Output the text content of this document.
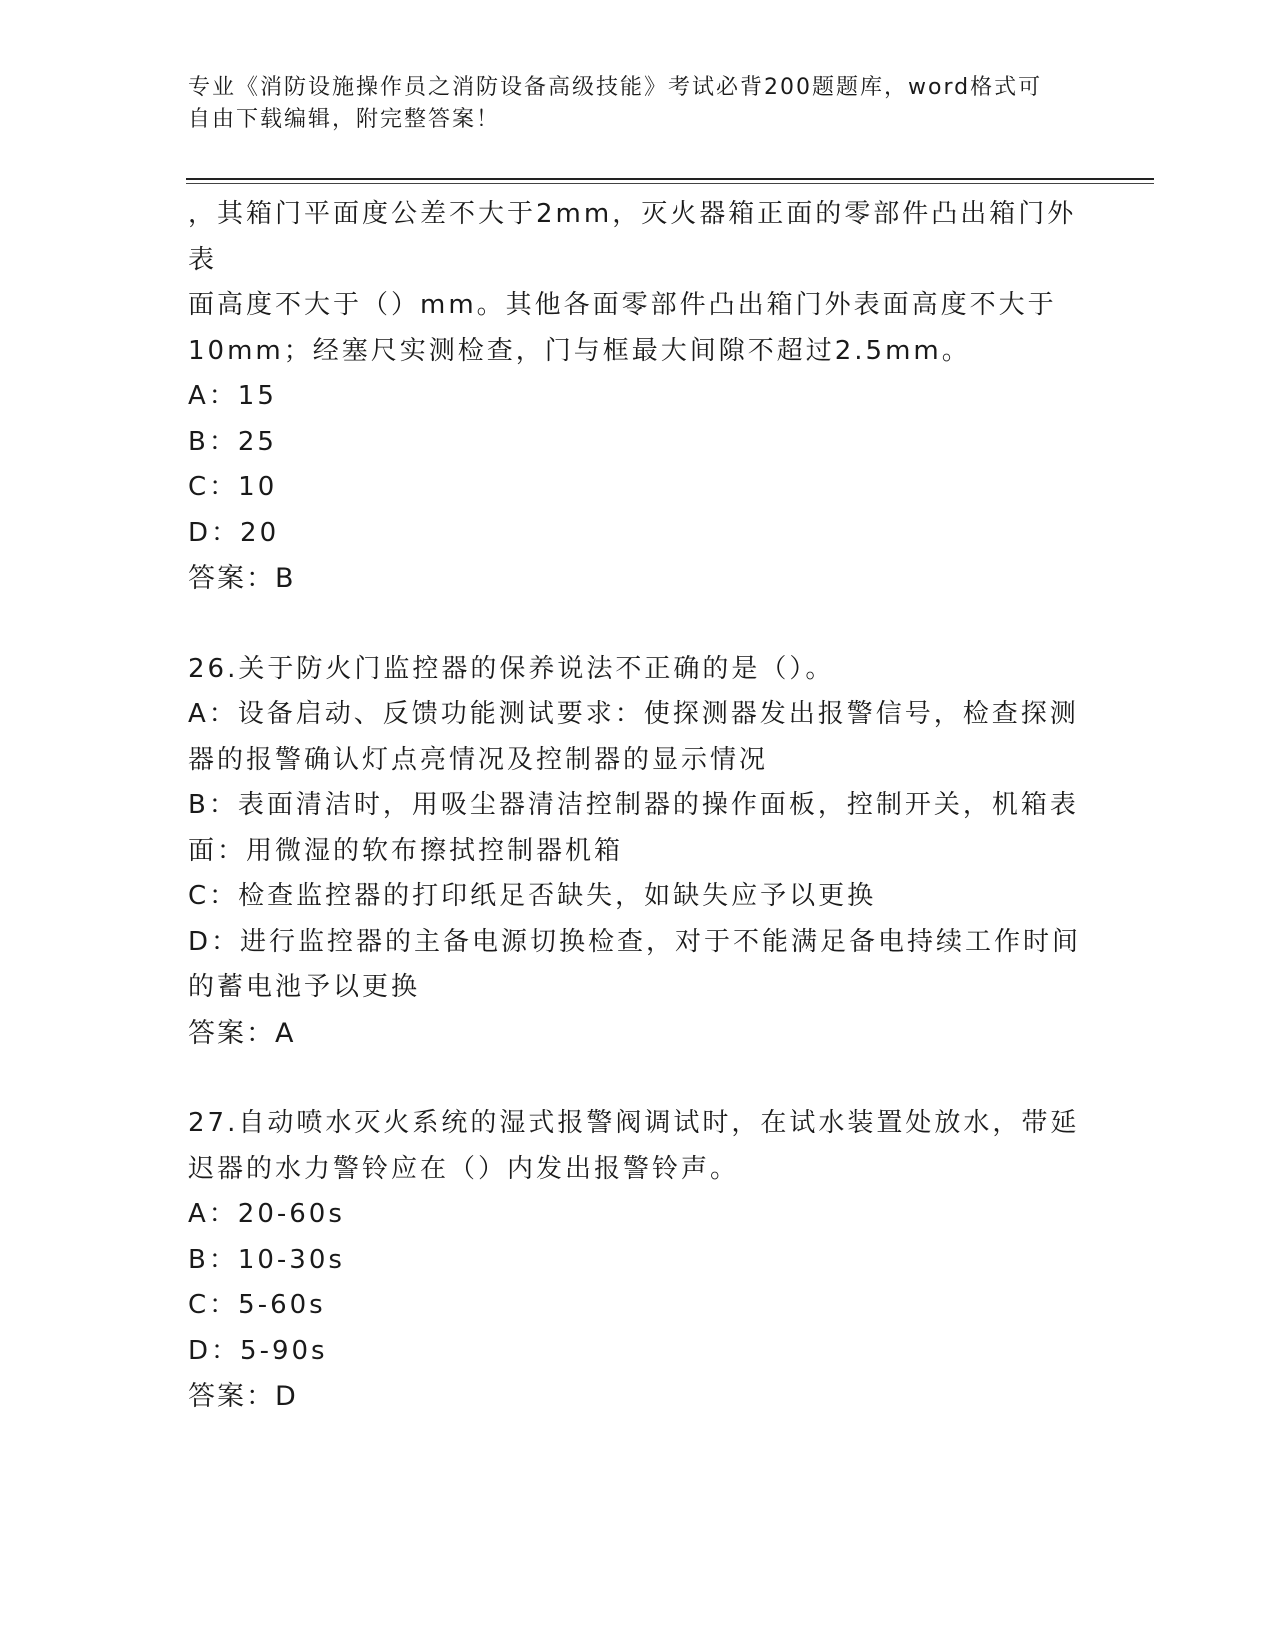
专业《消防设施操作员之消防设备高级技能》考试必背200题题库，word格式可
自由下载编辑，附完整答案！

，其箱门平面度公差不大于2mm，灭火器箱正面的零部件凸出箱门外表

面高度不大于（）mm。其他各面零部件凸出箱门外表面高度不大于

10mm；经塞尺实测检查，门与框最大间隙不超过2.5mm。

A：15

B：25

C：10

D：20

答案：B

26.关于防火门监控器的保养说法不正确的是（）。

A：设备启动、反馈功能测试要求：使探测器发出报警信号，检查探测

器的报警确认灯点亮情况及控制器的显示情况

B：表面清洁时，用吸尘器清洁控制器的操作面板，控制开关，机箱表

面：用微湿的软布擦拭控制器机箱

C：检查监控器的打印纸足否缺失，如缺失应予以更换

D：进行监控器的主备电源切换检查，对于不能满足备电持续工作时间

的蓄电池予以更换

答案：A

27.自动喷水灭火系统的湿式报警阀调试时，在试水装置处放水，带延

迟器的水力警铃应在（）内发出报警铃声。

A：20-60s

B：10-30s

C：5-60s

D：5-90s

答案：D
